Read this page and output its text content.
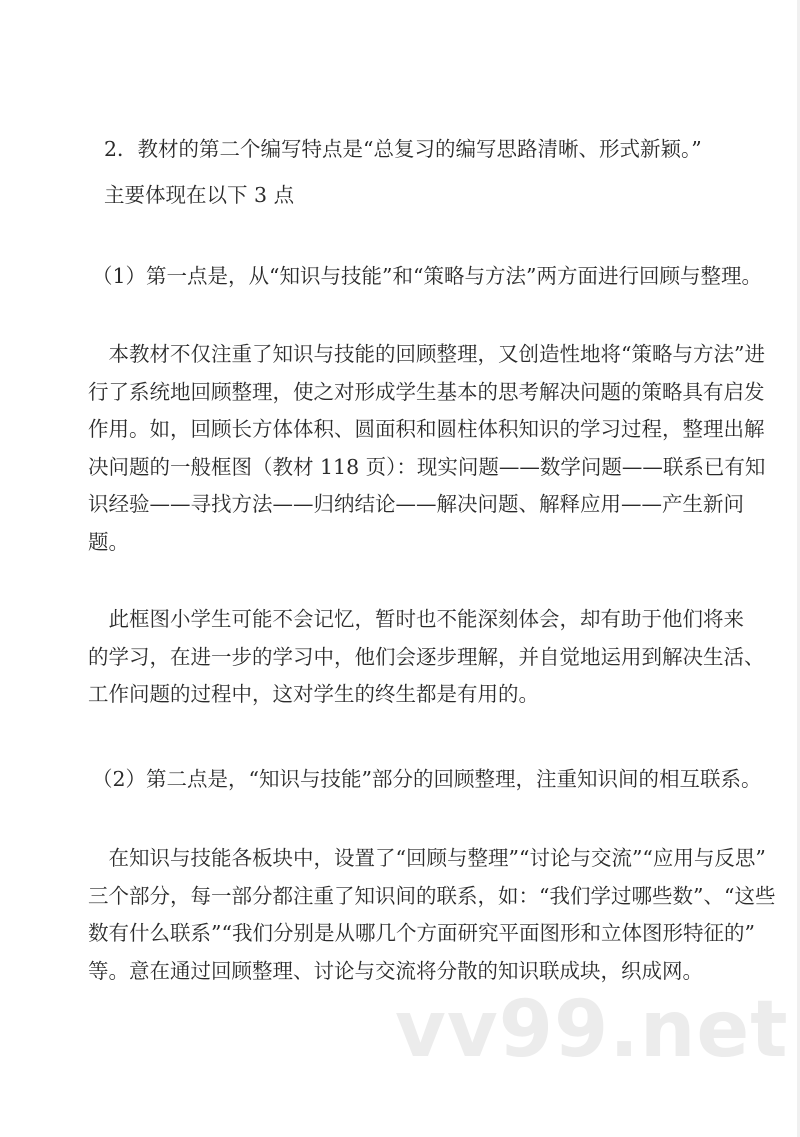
2．教材的第二个编写特点是“总复习的编写思路清晰、形式新颖。”
主要体现在以下 3 点
（1）第一点是，从“知识与技能”和“策略与方法”两方面进行回顾与整理。
　本教材不仅注重了知识与技能的回顾整理，又创造性地将“策略与方法”进
行了系统地回顾整理，使之对形成学生基本的思考解决问题的策略具有启发
作用。如，回顾长方体体积、圆面积和圆柱体积知识的学习过程，整理出解
决问题的一般框图（教材 118 页）：现实问题——数学问题——联系已有知
识经验——寻找方法——归纳结论——解决问题、解释应用——产生新问
题。
　此框图小学生可能不会记忆，暂时也不能深刻体会，却有助于他们将来
的学习，在进一步的学习中，他们会逐步理解，并自觉地运用到解决生活、
工作问题的过程中，这对学生的终生都是有用的。
（2）第二点是，“知识与技能”部分的回顾整理，注重知识间的相互联系。
　在知识与技能各板块中，设置了“回顾与整理”“讨论与交流”“应用与反思”
三个部分，每一部分都注重了知识间的联系，如：“我们学过哪些数”、“这些
数有什么联系”“我们分别是从哪几个方面研究平面图形和立体图形特征的”
等。意在通过回顾整理、讨论与交流将分散的知识联成块，织成网。
vv99.net
